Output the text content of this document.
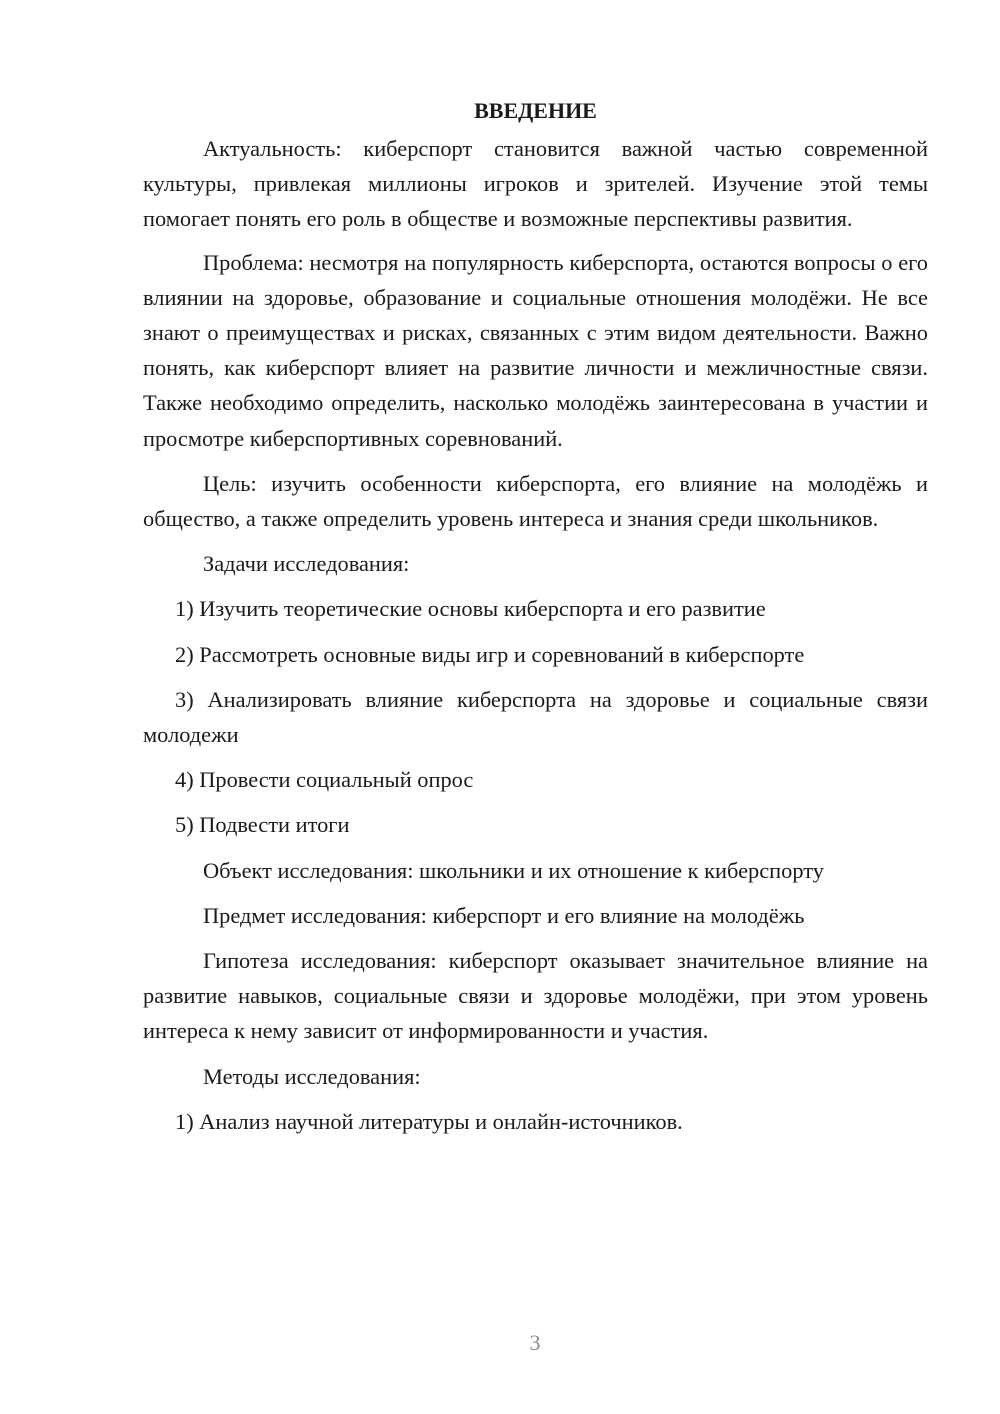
ВВЕДЕНИЕ

Актуальность: киберспорт становится важной частью современной культуры, привлекая миллионы игроков и зрителей. Изучение этой темы помогает понять его роль в обществе и возможные перспективы развития.

Проблема: несмотря на популярность киберспорта, остаются вопросы о его влиянии на здоровье, образование и социальные отношения молодёжи. Не все знают о преимуществах и рисках, связанных с этим видом деятельности. Важно понять, как киберспорт влияет на развитие личности и межличностные связи. Также необходимо определить, насколько молодёжь заинтересована в участии и просмотре киберспортивных соревнований.

Цель: изучить особенности киберспорта, его влияние на молодёжь и общество, а также определить уровень интереса и знания среди школьников.

Задачи исследования:
1) Изучить теоретические основы киберспорта и его развитие
2) Рассмотреть основные виды игр и соревнований в киберспорте
3) Анализировать влияние киберспорта на здоровье и социальные связи молодежи
4) Провести социальный опрос
5) Подвести итоги
Объект исследования: школьники и их отношение к киберспорту
Предмет исследования: киберспорт и его влияние на молодёжь

Гипотеза исследования: киберспорт оказывает значительное влияние на развитие навыков, социальные связи и здоровье молодёжи, при этом уровень интереса к нему зависит от информированности и участия.

Методы исследования:
1) Анализ научной литературы и онлайн-источников.
3
